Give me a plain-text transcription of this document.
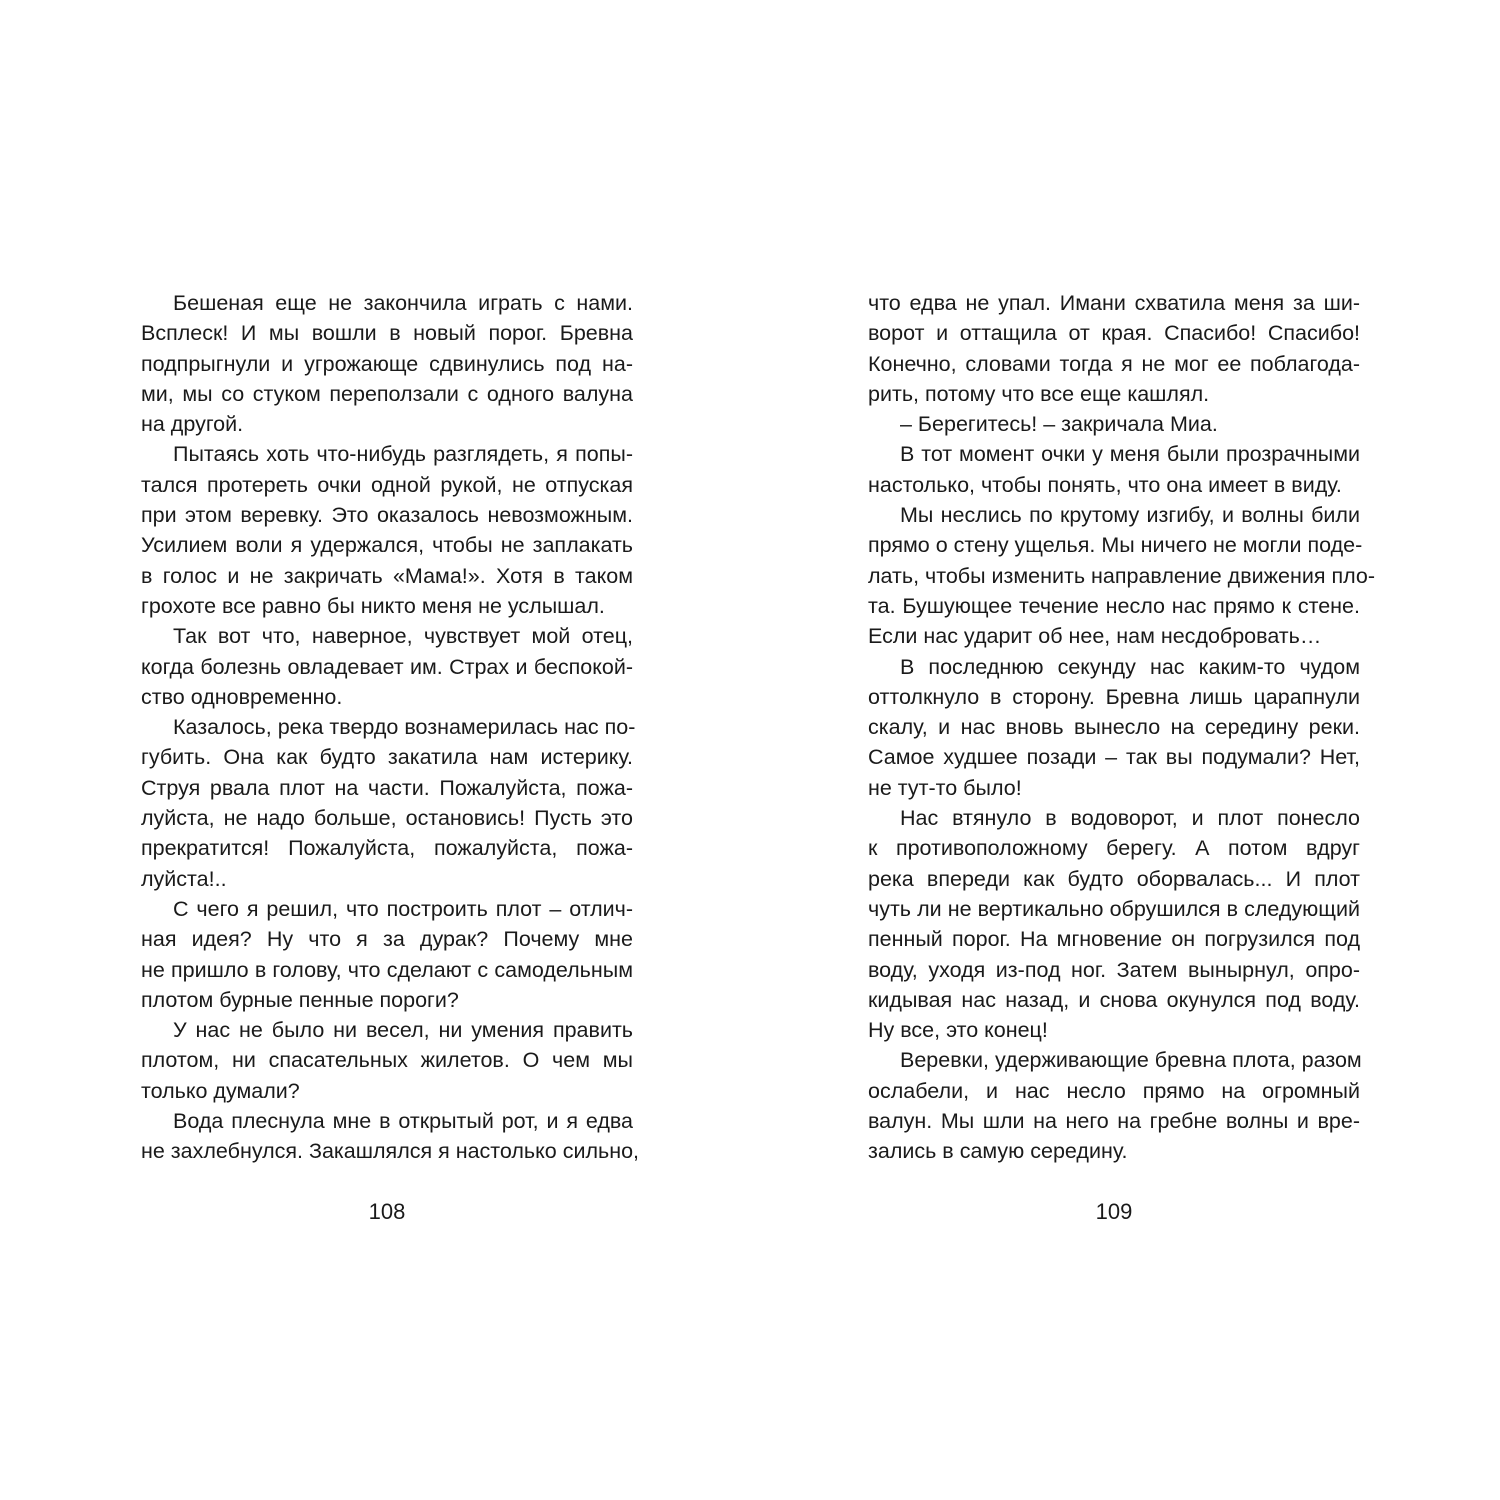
Бешеная еще не закончила играть с нами.
Всплеск! И мы вошли в новый порог. Бревна
подпрыгнули и угрожающе сдвинулись под на-
ми, мы со стуком переползали с одного валуна
на другой.
Пытаясь хоть что-нибудь разглядеть, я попы-
тался протереть очки одной рукой, не отпуская
при этом веревку. Это оказалось невозможным.
Усилием воли я удержался, чтобы не заплакать
в голос и не закричать «Мама!». Хотя в таком
грохоте все равно бы никто меня не услышал.
Так вот что, наверное, чувствует мой отец,
когда болезнь овладевает им. Страх и беспокой-
ство одновременно.
Казалось, река твердо вознамерилась нас по-
губить. Она как будто закатила нам истерику.
Струя рвала плот на части. Пожалуйста, пожа-
луйста, не надо больше, остановись! Пусть это
прекратится! Пожалуйста, пожалуйста, пожа-
луйста!..
С чего я решил, что построить плот – отлич-
ная идея? Ну что я за дурак? Почему мне
не пришло в голову, что сделают с самодельным
плотом бурные пенные пороги?
У нас не было ни весел, ни умения править
плотом, ни спасательных жилетов. О чем мы
только думали?
Вода плеснула мне в открытый рот, и я едва
не захлебнулся. Закашлялся я настолько сильно,
что едва не упал. Имани схватила меня за ши-
ворот и оттащила от края. Спасибо! Спасибо!
Конечно, словами тогда я не мог ее поблагода-
рить, потому что все еще кашлял.
– Берегитесь! – закричала Миа.
В тот момент очки у меня были прозрачными
настолько, чтобы понять, что она имеет в виду.
Мы неслись по крутому изгибу, и волны били
прямо о стену ущелья. Мы ничего не могли поде-
лать, чтобы изменить направление движения пло-
та. Бушующее течение несло нас прямо к стене.
Если нас ударит об нее, нам несдобровать…
В последнюю секунду нас каким-то чудом
оттолкнуло в сторону. Бревна лишь царапнули
скалу, и нас вновь вынесло на середину реки.
Самое худшее позади – так вы подумали? Нет,
не тут-то было!
Нас втянуло в водоворот, и плот понесло
к противоположному берегу. А потом вдруг
река впереди как будто оборвалась... И плот
чуть ли не вертикально обрушился в следующий
пенный порог. На мгновение он погрузился под
воду, уходя из-под ног. Затем вынырнул, опро-
кидывая нас назад, и снова окунулся под воду.
Ну все, это конец!
Веревки, удерживающие бревна плота, разом
ослабели, и нас несло прямо на огромный
валун. Мы шли на него на гребне волны и вре-
зались в самую середину.
108	109
